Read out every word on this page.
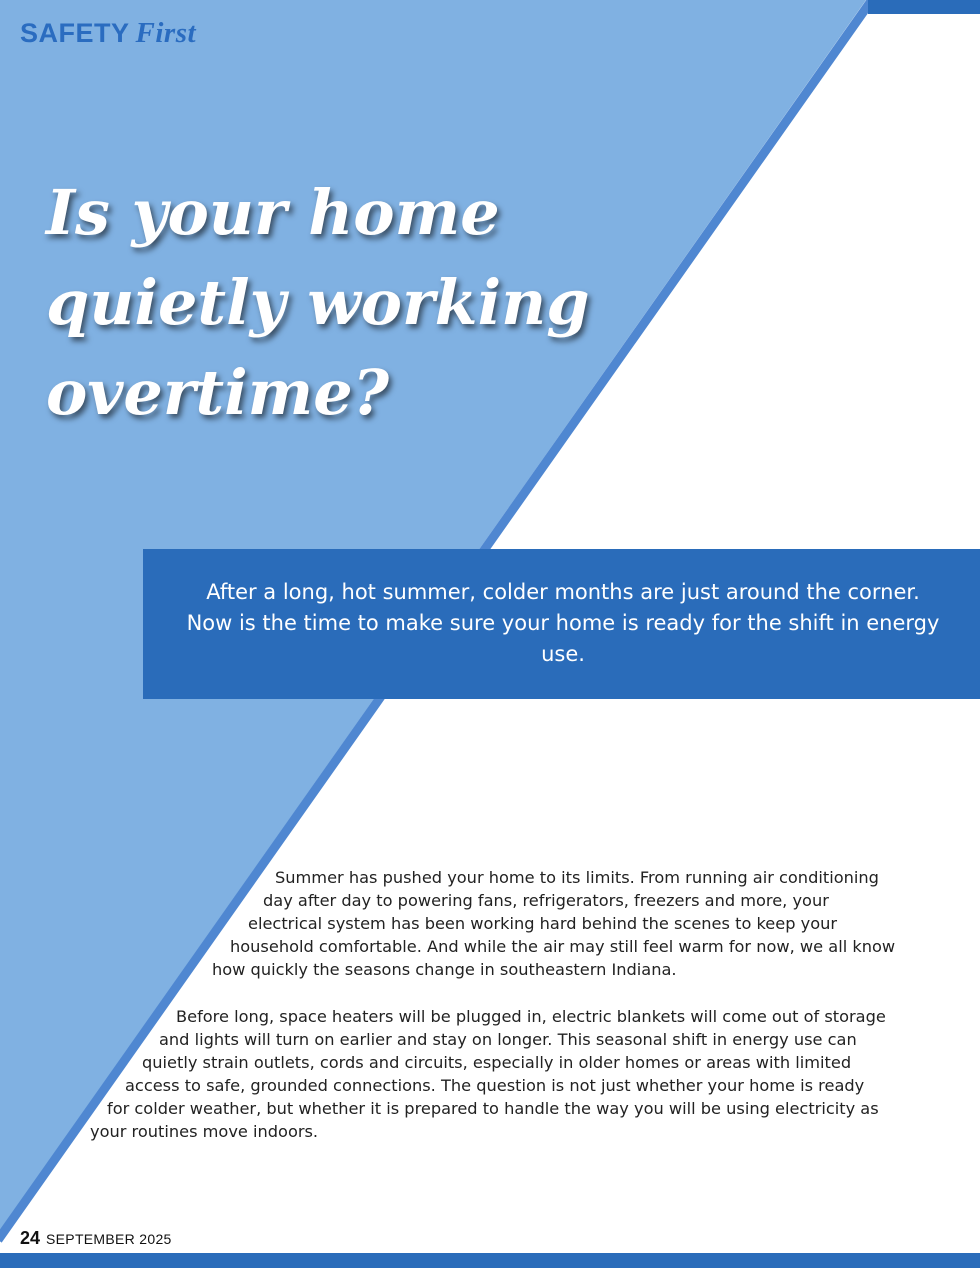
SAFETY First
Is your home
quietly working
overtime?

After a long, hot summer, colder months are just around the corner. Now is the time to make sure your home is ready for the shift in energy use.

Summer has pushed your home to its limits. From running air conditioning
day after day to powering fans, refrigerators, freezers and more, your
electrical system has been working hard behind the scenes to keep your
household comfortable. And while the air may still feel warm for now, we all know
how quickly the seasons change in southeastern Indiana.
Before long, space heaters will be plugged in, electric blankets will come out of storage
and lights will turn on earlier and stay on longer. This seasonal shift in energy use can
quietly strain outlets, cords and circuits, especially in older homes or areas with limited
access to safe, grounded connections. The question is not just whether your home is ready
for colder weather, but whether it is prepared to handle the way you will be using electricity as
your routines move indoors.
24 SEPTEMBER 2025
